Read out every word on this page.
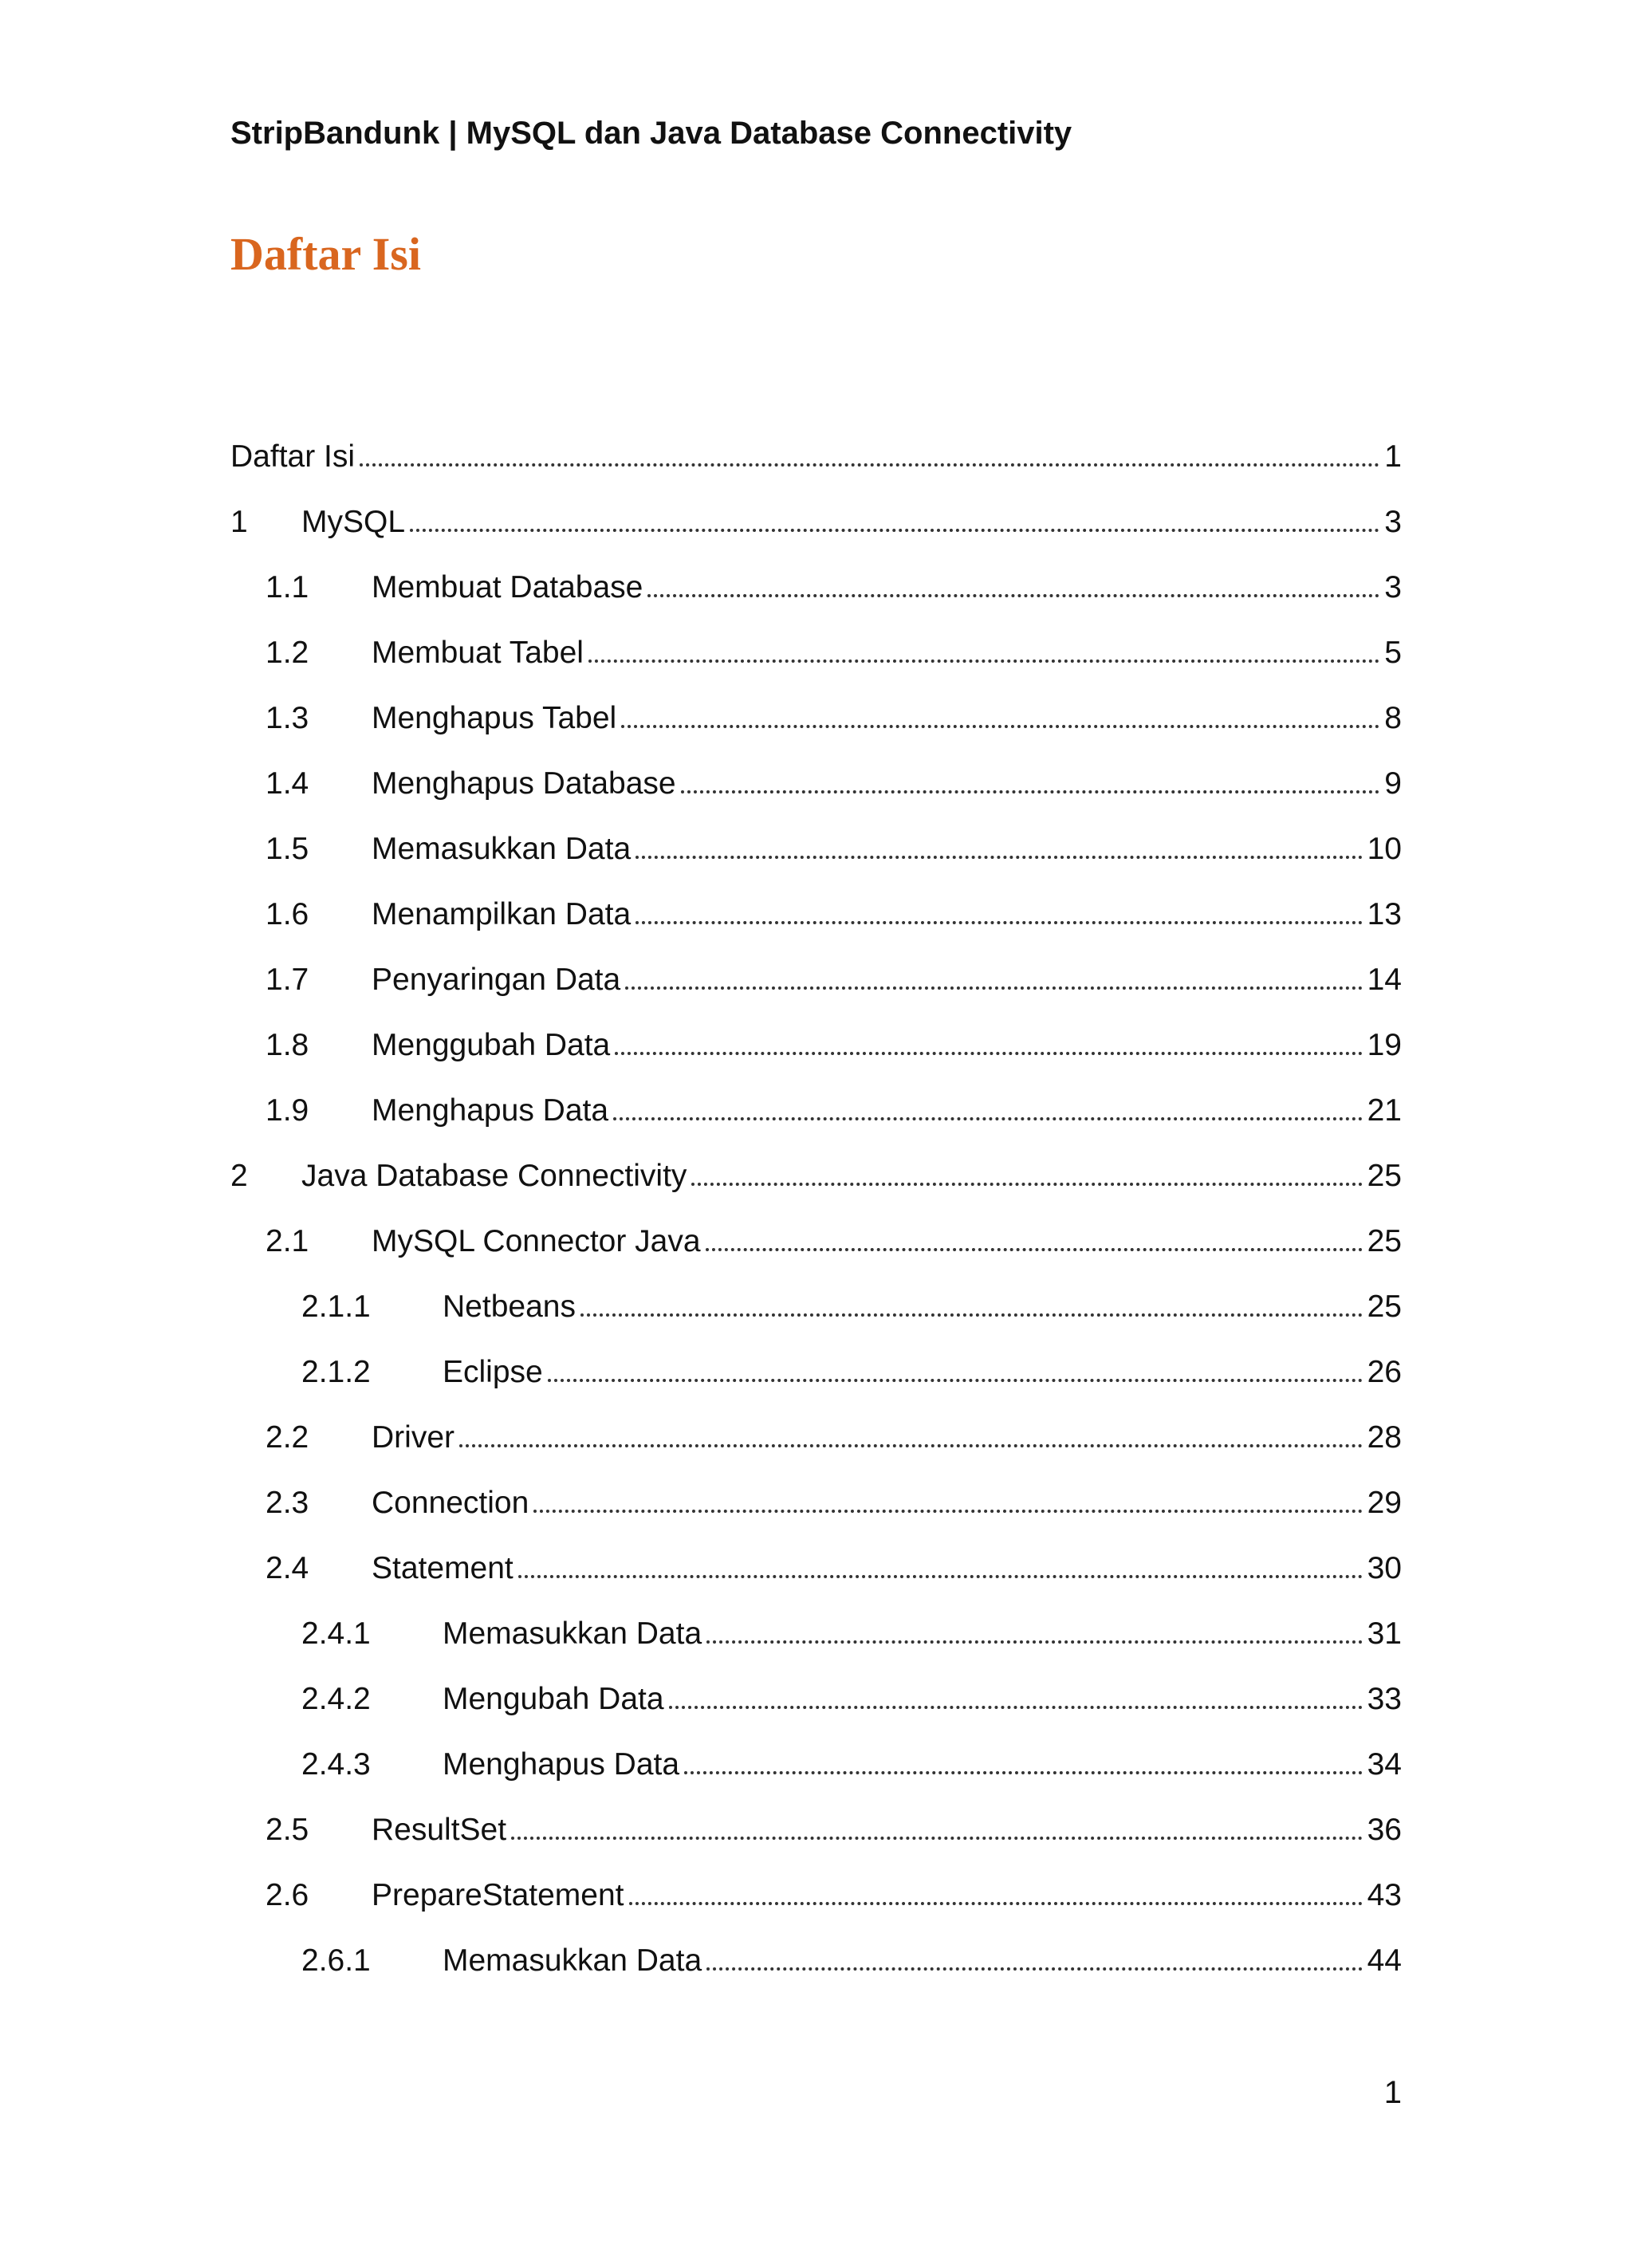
StripBandunk | MySQL dan Java Database Connectivity
Daftar Isi
Daftar Isi	1
1	MySQL	3
1.1	Membuat Database	3
1.2	Membuat Tabel	5
1.3	Menghapus Tabel	8
1.4	Menghapus Database	9
1.5	Memasukkan Data	10
1.6	Menampilkan Data	13
1.7	Penyaringan Data	14
1.8	Menggubah Data	19
1.9	Menghapus Data	21
2	Java Database Connectivity	25
2.1	MySQL Connector Java	25
2.1.1	Netbeans	25
2.1.2	Eclipse	26
2.2	Driver	28
2.3	Connection	29
2.4	Statement	30
2.4.1	Memasukkan Data	31
2.4.2	Mengubah Data	33
2.4.3	Menghapus Data	34
2.5	ResultSet	36
2.6	PrepareStatement	43
2.6.1	Memasukkan Data	44
1
